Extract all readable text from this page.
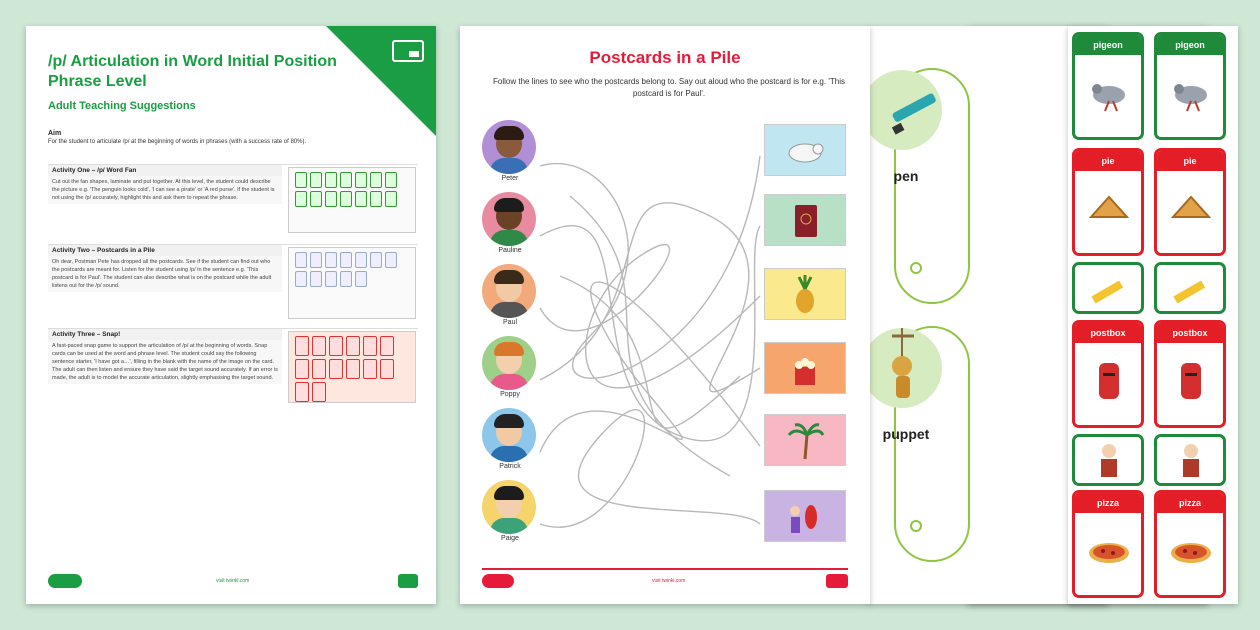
/p/ Articulation in Word Initial Position Phrase Level
Adult Teaching Suggestions
Aim
For the student to articulate /p/ at the beginning of words in phrases (with a success rate of 80%).
Activity One – /p/ Word Fan
Cut out the fan shapes, laminate and put together. At this level, the student could describe the picture e.g. 'The penguin looks cold', 'I can see a pirate' or 'A red purse'. If the student is not using the /p/ accurately, highlight this and ask them to repeat the phrase.
Activity Two – Postcards in a Pile
Oh dear, Postman Pete has dropped all the postcards. See if the student can find out who the postcards are meant for. Listen for the student using /p/ in the sentence e.g. 'This postcard is for Paul'. The student can also describe what is on the postcard while the adult listens out for the /p/ sound.
Activity Three – Snap!
A fast-paced snap game to support the articulation of /p/ at the beginning of words. Snap cards can be used at the word and phrase level. The student could say the following sentence starter, 'I have got a…', filling in the blank with the name of the image on the card. The adult can then listen and ensure they have said the target sound accurately. If an error is made, the adult is to model the accurate articulation, slightly emphasising the target sound.
visit twinkl.com
pen
puppet
Postcards in a Pile
Follow the lines to see who the postcards belong to. Say out aloud who the postcard is for e.g. 'This postcard is for Paul'.
Peter
Pauline
Paul
Poppy
Patrick
Paige
visit twinkl.com
pigeon	pigeon
pie	pie
postbox	postbox
pizza	pizza
